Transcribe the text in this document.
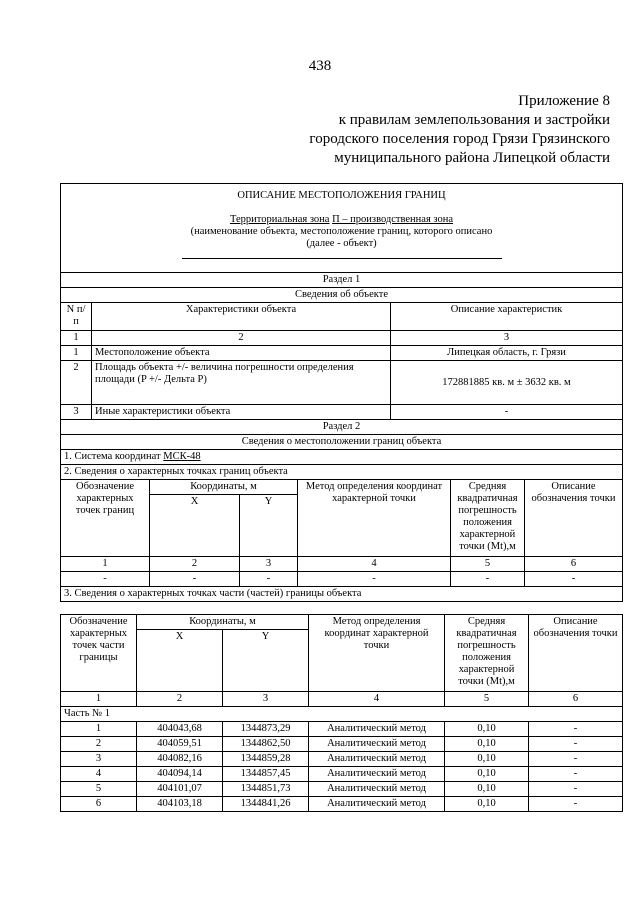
438
Приложение 8
к правилам землепользования и застройки
городского поселения город Грязи Грязинского
муниципального района Липецкой области
ОПИСАНИЕ МЕСТОПОЛОЖЕНИЯ ГРАНИЦ
Территориальная зона П – производственная зона
(наименование объекта, местоположение границ, которого описано
(далее - объект)							

Раздел 1							
Сведения об объекте							
N п/п	Характеристики объекта				Описание характеристик		
1	2				3		
1	Местоположение объекта				Липецкая область, г. Грязи		
2	Площадь объекта +/- величина погрешности определения площади (P +/- Дельта P)				172881885 кв. м ± 3632 кв. м		
3	Иные характеристики объекта				-		
Раздел 2							
Сведения о местоположении границ объекта							
1. Система координат МСК-48							
2. Сведения о характерных точках границ объекта							
Обозначение характерных точек границ		Координаты, м		Метод определения координат характерной точки		Средняя квадратичная погрешность положения характерной точки (Mt),м	Описание обозначения точки
		X	Y				
1		2	3	4		5	6
-		-	-	-		-	-
3. Сведения о характерных точках части (частей) границы объекта							
Обозначение характерных точек части границы	Координаты, м		Метод определения координат характерной точки	Средняя квадратичная погрешность положения характерной точки (Mt),м	Описание обозначения точки
	X	Y			
1	2	3	4	5	6
Часть № 1					
1	404043,68	1344873,29	Аналитический метод	0,10	-
2	404059,51	1344862,50	Аналитический метод	0,10	-
3	404082,16	1344859,28	Аналитический метод	0,10	-
4	404094,14	1344857,45	Аналитический метод	0,10	-
5	404101,07	1344851,73	Аналитический метод	0,10	-
6	404103,18	1344841,26	Аналитический метод	0,10	-
